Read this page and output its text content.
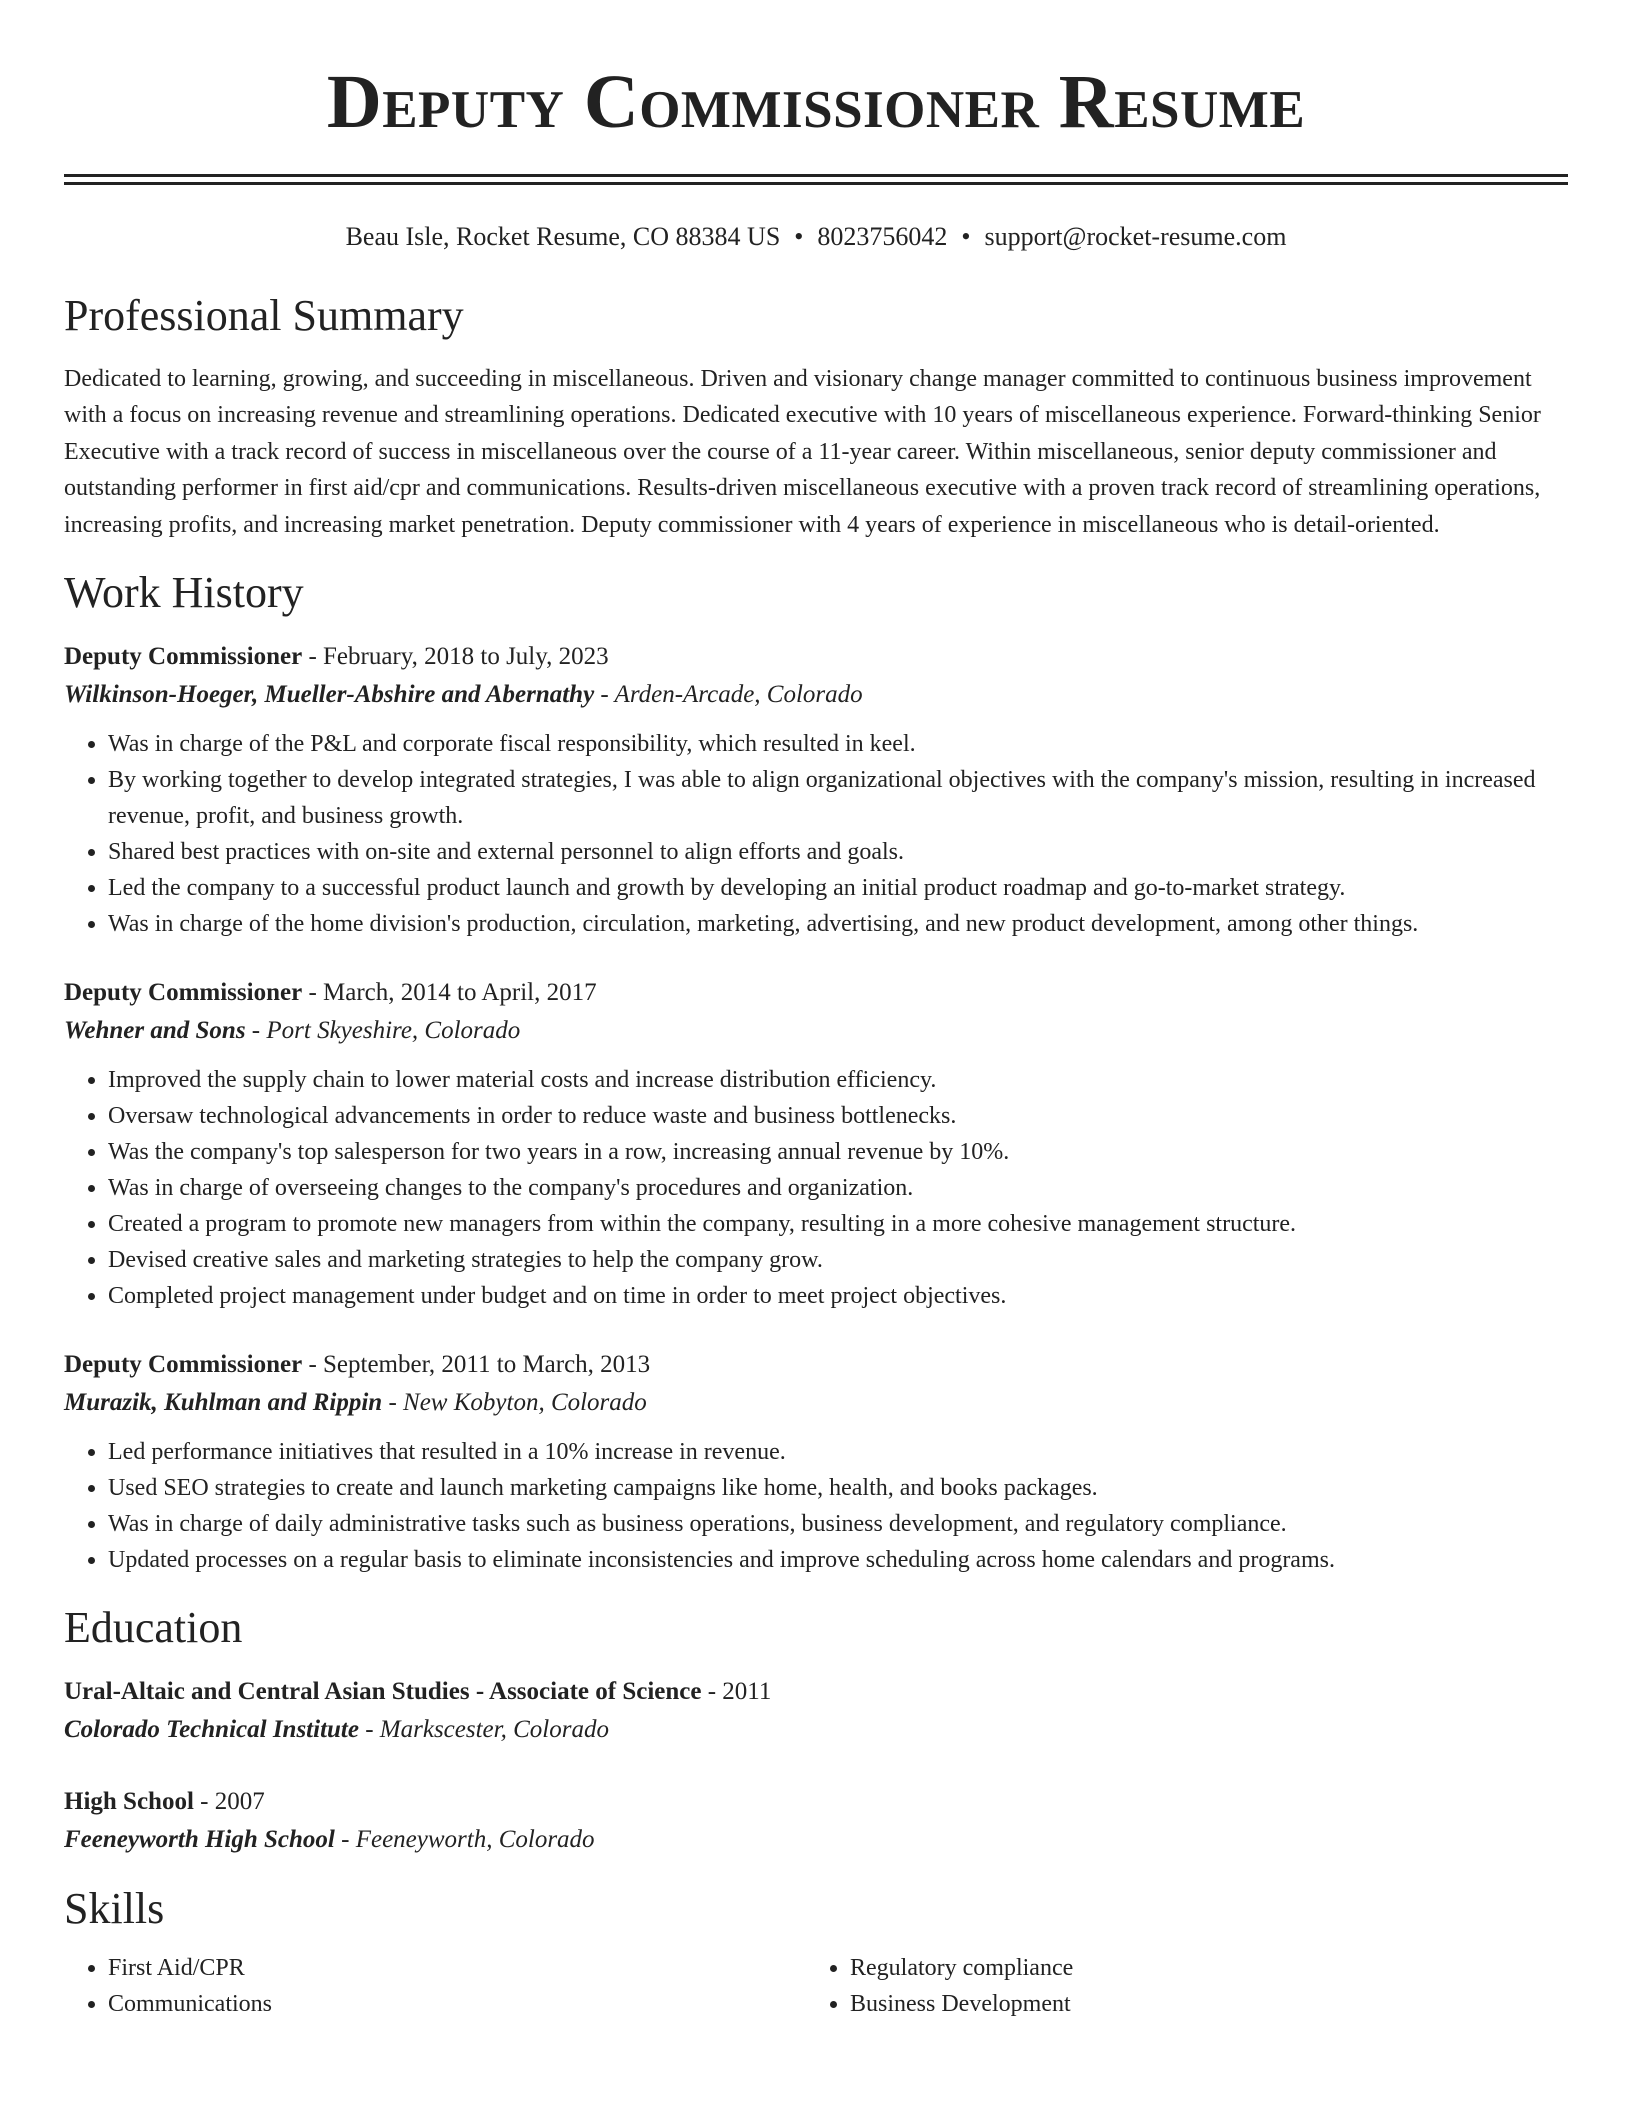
Deputy Commissioner Resume
Beau Isle, Rocket Resume, CO 88384 US • 8023756042 • support@rocket-resume.com
Professional Summary

Dedicated to learning, growing, and succeeding in miscellaneous. Driven and visionary change manager committed to continuous business improvement with a focus on increasing revenue and streamlining operations. Dedicated executive with 10 years of miscellaneous experience. Forward-thinking Senior Executive with a track record of success in miscellaneous over the course of a 11-year career. Within miscellaneous, senior deputy commissioner and outstanding performer in first aid/cpr and communications. Results-driven miscellaneous executive with a proven track record of streamlining operations, increasing profits, and increasing market penetration. Deputy commissioner with 4 years of experience in miscellaneous who is detail-oriented.

Work History
Deputy Commissioner - February, 2018 to July, 2023
Wilkinson-Hoeger, Mueller-Abshire and Abernathy - Arden-Arcade, Colorado
• Was in charge of the P&L and corporate fiscal responsibility, which resulted in keel.
• By working together to develop integrated strategies, I was able to align organizational objectives with the company's mission, resulting in increased revenue, profit, and business growth.
• Shared best practices with on-site and external personnel to align efforts and goals.
• Led the company to a successful product launch and growth by developing an initial product roadmap and go-to-market strategy.
• Was in charge of the home division's production, circulation, marketing, advertising, and new product development, among other things.
Deputy Commissioner - March, 2014 to April, 2017
Wehner and Sons - Port Skyeshire, Colorado
• Improved the supply chain to lower material costs and increase distribution efficiency.
• Oversaw technological advancements in order to reduce waste and business bottlenecks.
• Was the company's top salesperson for two years in a row, increasing annual revenue by 10%.
• Was in charge of overseeing changes to the company's procedures and organization.
• Created a program to promote new managers from within the company, resulting in a more cohesive management structure.
• Devised creative sales and marketing strategies to help the company grow.
• Completed project management under budget and on time in order to meet project objectives.
Deputy Commissioner - September, 2011 to March, 2013
Murazik, Kuhlman and Rippin - New Kobyton, Colorado
• Led performance initiatives that resulted in a 10% increase in revenue.
• Used SEO strategies to create and launch marketing campaigns like home, health, and books packages.
• Was in charge of daily administrative tasks such as business operations, business development, and regulatory compliance.
• Updated processes on a regular basis to eliminate inconsistencies and improve scheduling across home calendars and programs.
Education
Ural-Altaic and Central Asian Studies - Associate of Science - 2011
Colorado Technical Institute - Markscester, Colorado
High School - 2007
Feeneyworth High School - Feeneyworth, Colorado
Skills
• First Aid/CPR
• Communications
• Regulatory compliance
• Business Development
